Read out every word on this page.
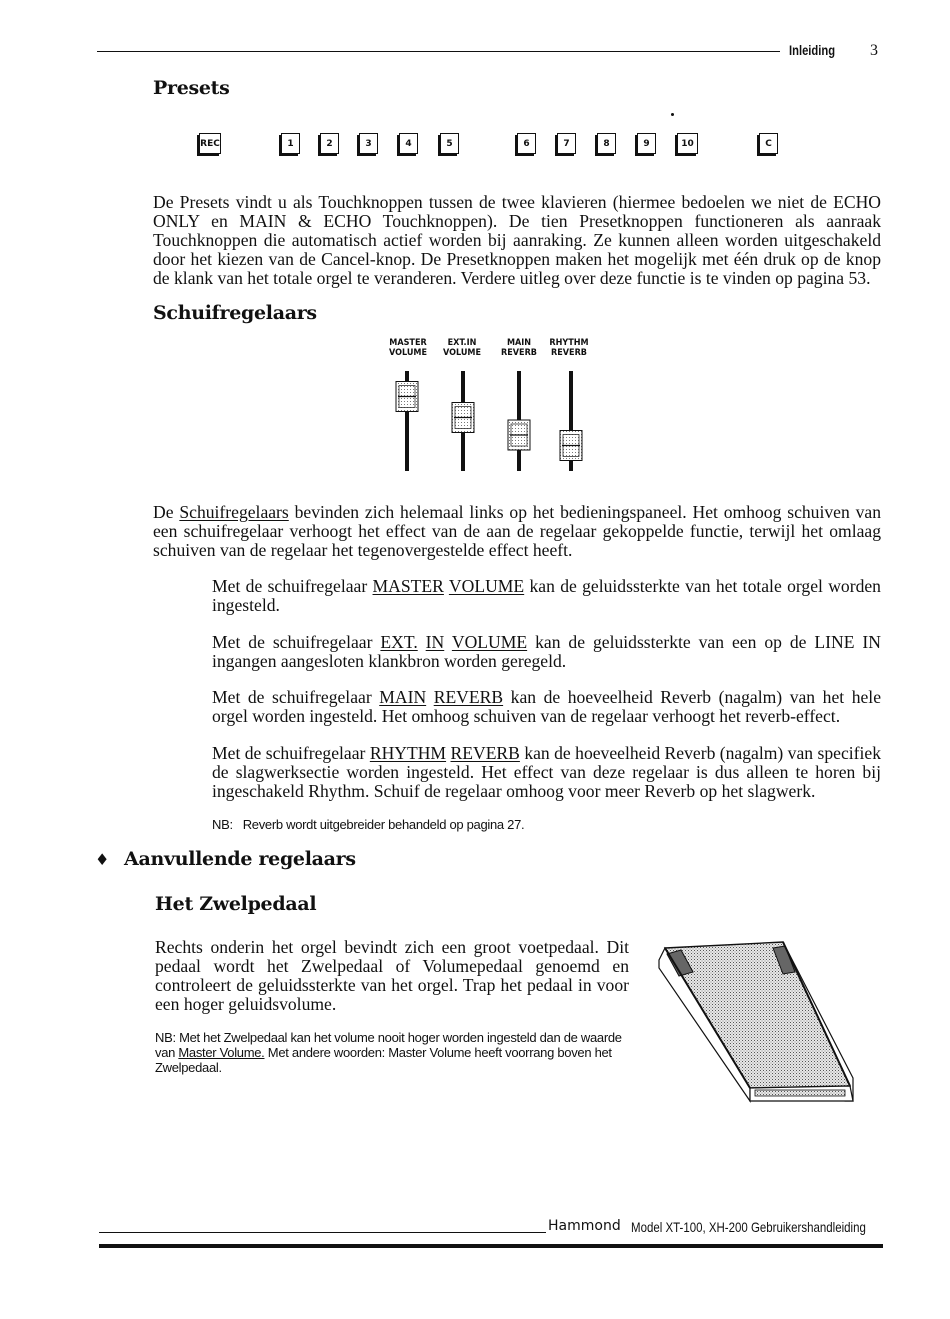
Inleiding 3
Presets
REC	1	2	3	4	5	6	7	8	9	10	C

De Presets vindt u als Touchknoppen tussen de twee klavieren (hiermee bedoelen we niet de ECHO ONLY en MAIN & ECHO Touchknoppen). De tien Presetknoppen functioneren als aanraak Touchknoppen die automatisch actief worden bij aanraking. Ze kunnen alleen worden uitgeschakeld door het kiezen van de Cancel-knop. De Presetknoppen maken het mogelijk met één druk op de knop de klank van het totale orgel te veranderen. Verdere uitleg over deze functie is te vinden op pagina 53.

Schuifregelaars
MASTER
VOLUME
EXT.IN
VOLUME
MAIN
REVERB
RHYTHM
REVERB

De Schuifregelaars bevinden zich helemaal links op het bedieningspaneel. Het omhoog schuiven van een schuifregelaar verhoogt het effect van de aan de regelaar gekoppelde functie, terwijl het omlaag schuiven van de regelaar het tegenovergestelde effect heeft.

Met de schuifregelaar MASTER VOLUME kan de geluidssterkte van het totale orgel worden ingesteld.

Met de schuifregelaar EXT. IN VOLUME kan de geluidssterkte van een op de LINE IN ingangen aangesloten klankbron worden geregeld.

Met de schuifregelaar MAIN REVERB kan de hoeveelheid Reverb (nagalm) van het hele orgel worden ingesteld. Het omhoog schuiven van de regelaar verhoogt het reverb-effect.

Met de schuifregelaar RHYTHM REVERB kan de hoeveelheid Reverb (nagalm) van specifiek de slagwerksectie worden ingesteld. Het effect van deze regelaar is dus alleen te horen bij ingeschakeld Rhythm. Schuif de regelaar omhoog voor meer Reverb op het slagwerk.

NB: Reverb wordt uitgebreider behandeld op pagina 27.
♦ Aanvullende regelaars
Het Zwelpedaal

Rechts onderin het orgel bevindt zich een groot voetpedaal. Dit pedaal wordt het Zwelpedaal of Volumepedaal genoemd en controleert de geluidssterkte van het orgel. Trap het pedaal in voor een hoger geluidsvolume.

NB: Met het Zwelpedaal kan het volume nooit hoger worden ingesteld dan de waarde van Master Volume. Met andere woorden: Master Volume heeft voorrang boven het Zwelpedaal.
Hammond Model XT-100, XH-200 Gebruikershandleiding
